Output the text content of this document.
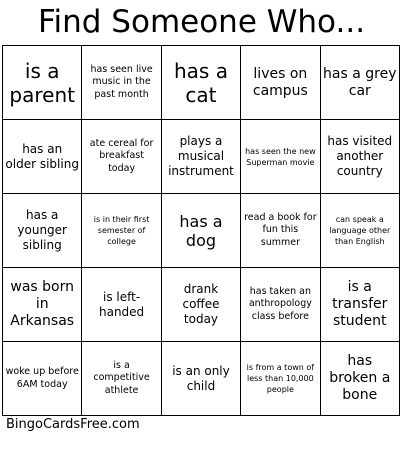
Find Someone Who...
is a parent	has seen live music in the past month	has a cat	lives on campus	has a grey car

has an older sibling	ate cereal for breakfast today	plays a musical instrument	has seen the new Superman movie	has visited another country

has a younger sibling	is in their first semester of college	has a dog	read a book for fun this summer	can speak a language other than English

was born in Arkansas	is left-handed	drank coffee today	has taken an anthropology class before	is a transfer student

woke up before 6AM today	is a competitive athlete	is an only child	is from a town of less than 10,000 people	has broken a bone
BingoCardsFree.com
